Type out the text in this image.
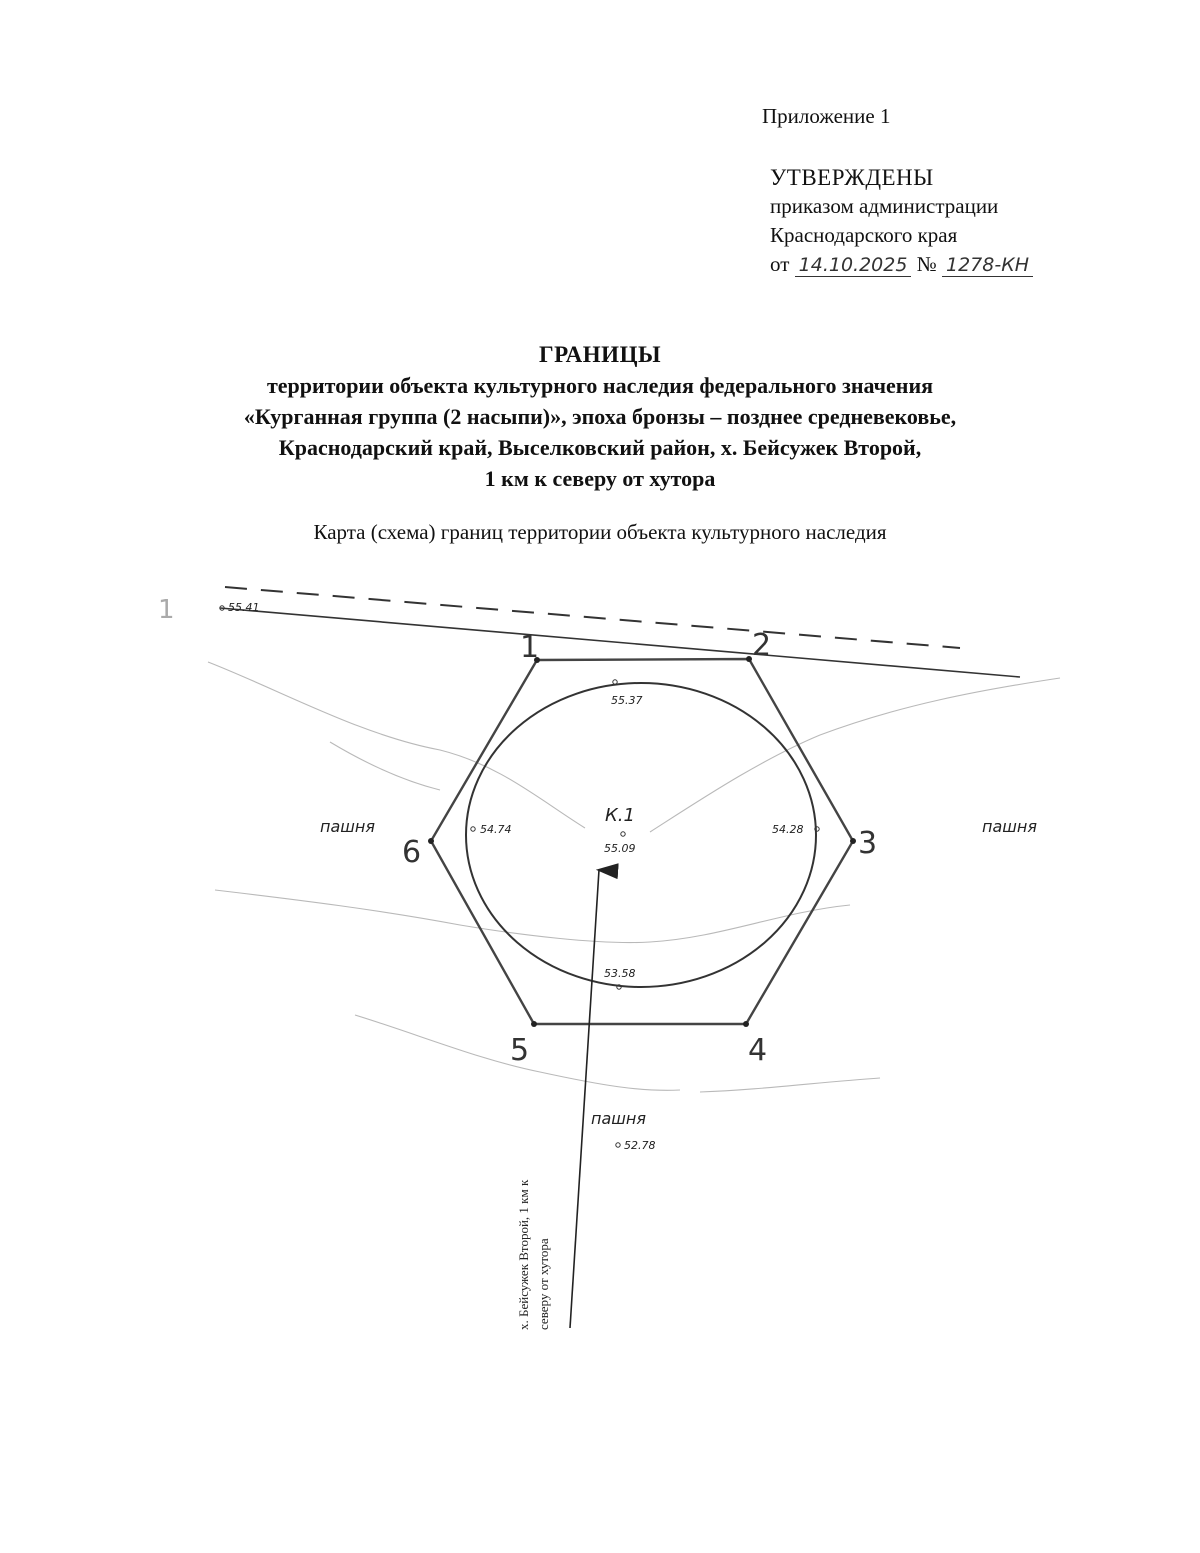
Приложение 1
УТВЕРЖДЕНЫ
приказом администрации
Краснодарского края
от 14.10.2025 № 1278-КН
ГРАНИЦЫ
территории объекта культурного наследия федерального значения
«Курганная группа (2 насыпи)», эпоха бронзы – позднее средневековье,
Краснодарский край, Выселковский район, х. Бейсужек Второй,
1 км к северу от хутора
Карта (схема) границ территории объекта культурного наследия
1	55.41
1	2
3
4
5
6
55.37
54.74	54.28
53.58
К.1
55.09
пашня	пашня
пашня
52.78
х. Бейсужек Второй, 1 км к северу от хутора
